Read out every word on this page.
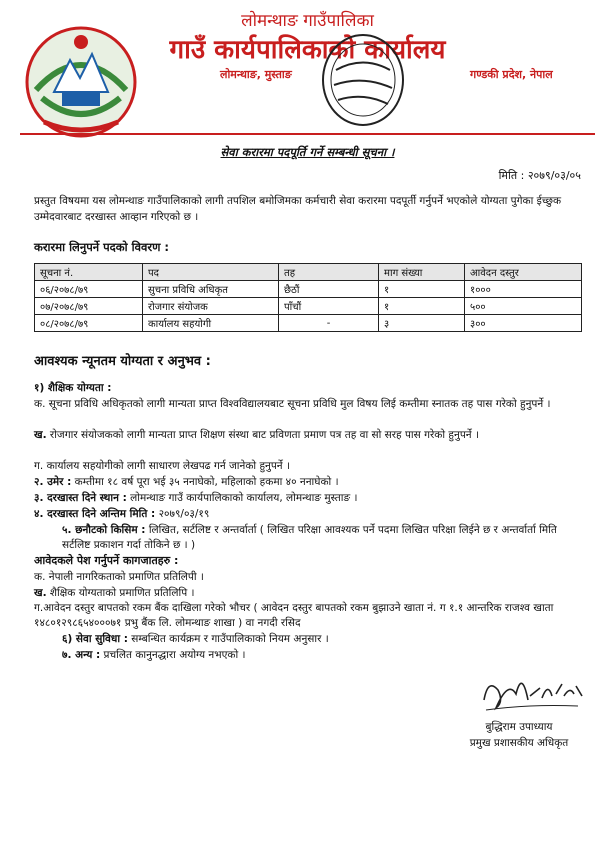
लोमन्थाङ गाउँपालिका
गाउँ कार्यपालिकाको कार्यालय
लोमन्थाङ, मुस्ताङ	गण्डकी प्रदेश, नेपाल
सेवा करारमा पदपूर्ति गर्ने सम्बन्धी सूचना ।
मिति : २०७९/०३/०५
प्रस्तुत विषयमा यस लोमन्थाङ गाउँपालिकाको लागी तपशिल बमोजिमका कर्मचारी सेवा करारमा पदपूर्ती गर्नुपर्ने भएकोले योग्यता पुगेका ईच्छुक उम्मेदवारबाट दरखास्त आव्हान गरिएको छ ।
करारमा लिनुपर्ने पदको विवरण :
सूचना नं.	पद	तह	माग संख्या	आवेदन दस्तुर
०६/२०७८/७९	सुचना प्रविधि अधिकृत	छैठौं	१	१०००
०७/२०७८/७९	रोजगार संयोजक	पाँचौं	१	५००
०८/२०७८/७९	कार्यालय सहयोगी	-	३	३००
आवश्यक न्यूनतम योग्यता र अनुभव :
१) शैक्षिक योग्यता :
क. सूचना प्रविधि अधिकृतको लागी मान्यता प्राप्त विश्वविद्यालयबाट सूचना प्रविधि मुल विषय लिई कम्तीमा स्नातक तह पास गरेको हुनुपर्ने ।
ख. रोजगार संयोजकको लागी मान्यता प्राप्त शिक्षण संस्था बाट प्रविणता प्रमाण पत्र तह वा सो सरह पास गरेको हुनुपर्ने ।
ग. कार्यालय सहयोगीको लागी साधारण लेखपढ गर्न जानेको हुनुपर्ने ।
२. उमेर : कम्तीमा १८ वर्ष पूरा भई ३५ ननाघेको, महिलाको हकमा ४० ननाघेको ।
३. दरखास्त दिने स्थान : लोमन्थाङ गाउँ कार्यपालिकाको कार्यालय, लोमन्थाङ मुस्ताङ ।
४. दरखास्त दिने अन्तिम मिति : २०७९/०३/१९
५. छनौटको किसिम : लिखित, सर्टलिष्ट र अन्तर्वार्ता ( लिखित परिक्षा आवश्यक पर्ने पदमा लिखित परिक्षा लिईने छ र अन्तर्वार्ता मिति सर्टलिष्ट प्रकाशन गर्दा तोकिने छ । )
आवेदकले पेश गर्नुपर्ने कागजातहरु :
क. नेपाली नागरिकताको प्रमाणित प्रतिलिपी ।
ख. शैक्षिक योग्यताको प्रमाणित प्रतिलिपि ।
ग.आवेदन दस्तुर बापतको रकम बैंक दाखिला गरेको भौचर ( आवेदन दस्तुर बापतको रकम बुझाउने खाता नं. ग १.१ आन्तरिक राजश्व खाता १४८०१२९८६५४०००७१ प्रभु बैंक लि. लोमन्थाङ शाखा ) वा नगदी रसिद
६) सेवा सुविधा : सम्बन्धित कार्यक्रम र गाउँपालिकाको नियम अनुसार ।
७. अन्य : प्रचलित कानुनद्धारा अयोग्य नभएको ।
बुद्धिराम उपाध्याय
प्रमुख प्रशासकीय अधिकृत
